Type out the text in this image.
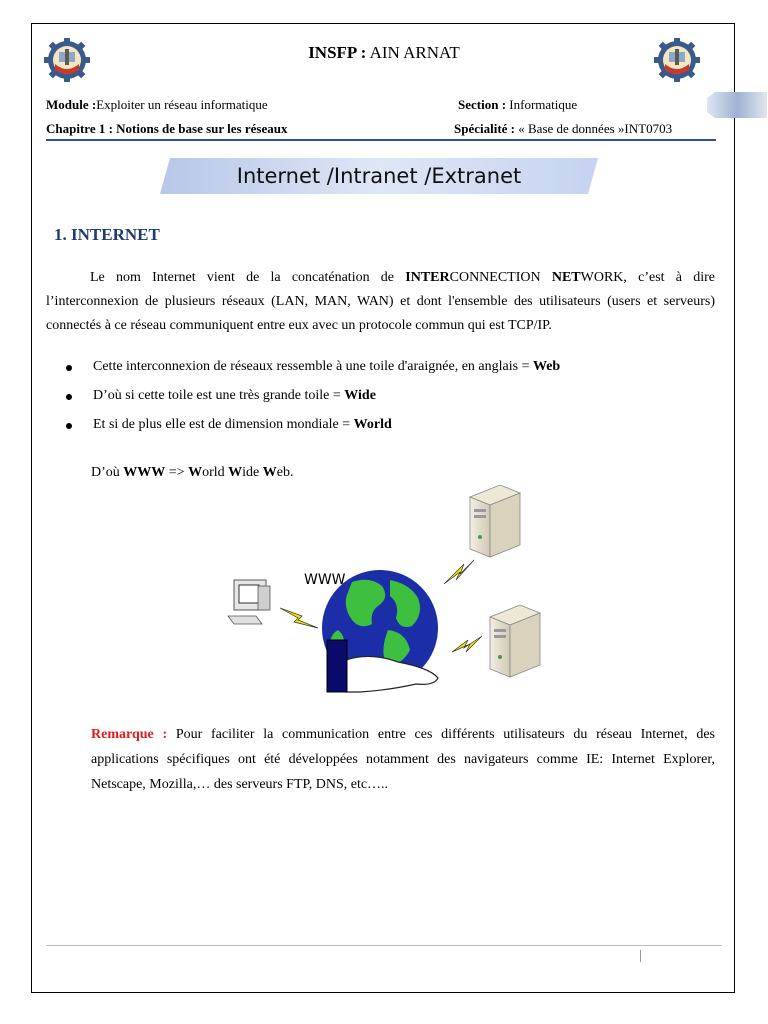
INSFP : AIN ARNAT
Module :Exploiter un réseau informatique	Section : Informatique
Chapitre 1 : Notions de base sur les réseaux	Spécialité : « Base de données »INT0703
Internet /Intranet /Extranet
1. INTERNET
Le nom Internet vient de la concaténation de INTERCONNECTION NETWORK, c’est à dire l’interconnexion de plusieurs réseaux (LAN, MAN, WAN) et dont l'ensemble des utilisateurs (users et serveurs) connectés à ce réseau communiquent entre eux avec un protocole commun qui est TCP/IP.
Cette interconnexion de réseaux ressemble à une toile d'araignée, en anglais = Web
D’où si cette toile est une très grande toile = Wide
Et si de plus elle est de dimension mondiale = World
D’où WWW => World Wide Web.
WWW
Remarque : Pour faciliter la communication entre ces différents utilisateurs du réseau Internet, des applications spécifiques ont été développées notamment des navigateurs comme IE: Internet Explorer, Netscape, Mozilla,… des serveurs FTP, DNS, etc…..
